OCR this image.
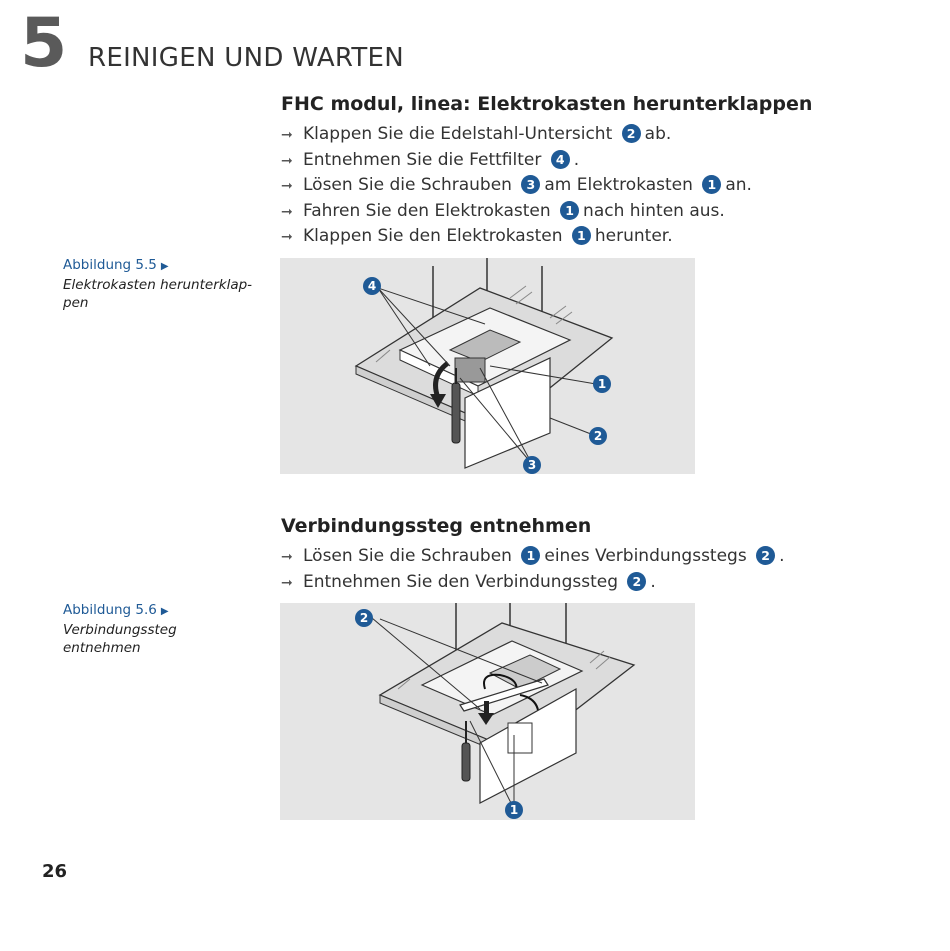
5 REINIGEN UND WARTEN
FHC modul, linea: Elektrokasten herunterklappen
➞ Klappen Sie die Edelstahl-Untersicht 2 ab.
➞ Entnehmen Sie die Fettfilter 4 .
➞ Lösen Sie die Schrauben 3 am Elektrokasten 1 an.
➞ Fahren Sie den Elektrokasten 1 nach hinten aus.
➞ Klappen Sie den Elektrokasten 1 herunter.
Abbildung 5.5 ▶
Elektrokasten herunterklap-
pen
4
1
2
3
Verbindungssteg entnehmen
➞ Lösen Sie die Schrauben 1 eines Verbindungsstegs 2 .
➞ Entnehmen Sie den Verbindungssteg 2 .
Abbildung 5.6 ▶
Verbindungssteg entnehmen
2
1
26
